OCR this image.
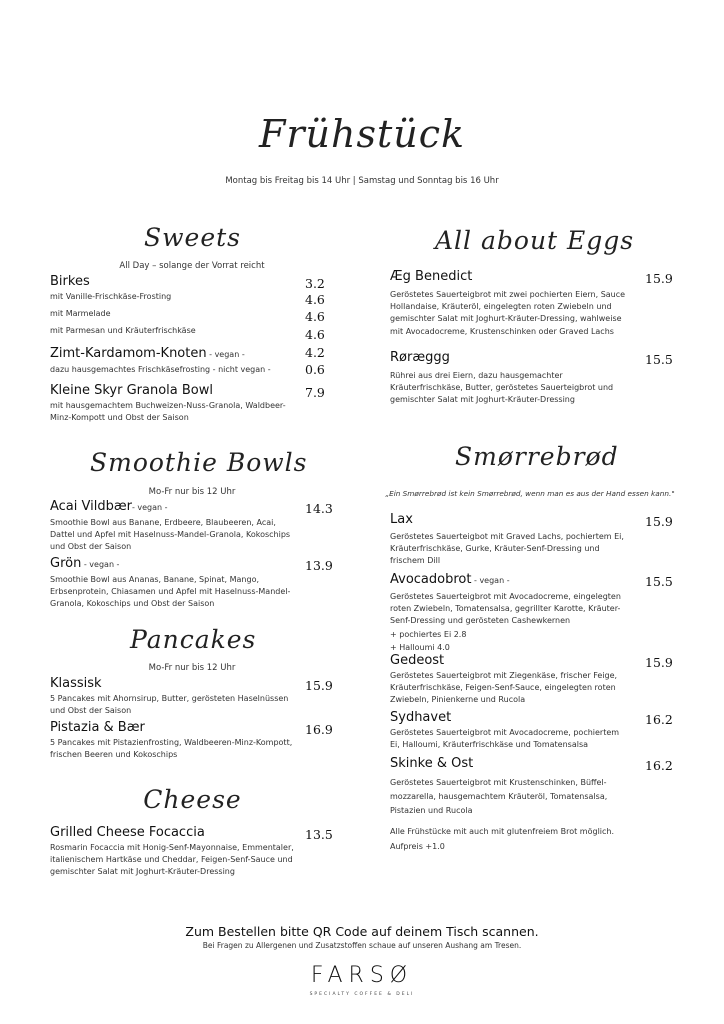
Frühstück
Montag bis Freitag bis 14 Uhr | Samstag und Sonntag bis 16 Uhr
Sweets
All Day – solange der Vorrat reicht
Birkes
mit Vanille-Frischkäse-Frosting
mit Marmelade
mit Parmesan und Kräuterfrischkäse
3.2
4.6
4.6
4.6
Zimt-Kardamom-Knoten - vegan -
dazu hausgemachtes Frischkäsefrosting - nicht vegan -
4.2
0.6
Kleine Skyr Granola Bowl
mit hausgemachtem Buchweizen-Nuss-Granola, Waldbeer-Minz-Kompott und Obst der Saison
7.9
Smoothie Bowls
Mo-Fr nur bis 12 Uhr
Acai Vildbær- vegan -
Smoothie Bowl aus Banane, Erdbeere, Blaubeeren, Acai, Dattel und Apfel mit Haselnuss-Mandel-Granola, Kokoschips und Obst der Saison
14.3
Grön - vegan -
Smoothie Bowl aus Ananas, Banane, Spinat, Mango, Erbsenprotein, Chiasamen und Apfel mit Haselnuss-Mandel-Granola, Kokoschips und Obst der Saison
13.9
Pancakes
Mo-Fr nur bis 12 Uhr
Klassisk
5 Pancakes mit Ahornsirup, Butter, gerösteten Haselnüssen und Obst der Saison
15.9
Pistazia & Bær
5 Pancakes mit Pistazienfrosting, Waldbeeren-Minz-Kompott, frischen Beeren und Kokoschips
16.9
Cheese
Grilled Cheese Focaccia
Rosmarin Focaccia mit Honig-Senf-Mayonnaise, Emmentaler, italienischem Hartkäse und Cheddar, Feigen-Senf-Sauce und gemischter Salat mit Joghurt-Kräuter-Dressing
13.5
All about Eggs
Æg Benedict
Geröstetes Sauerteigbrot mit zwei pochierten Eiern, Sauce Hollandaise, Kräuteröl, eingelegten roten Zwiebeln und gemischter Salat mit Joghurt-Kräuter-Dressing, wahlweise mit Avocadocreme, Krustenschinken oder Graved Lachs
15.9
Røræggg
Rührei aus drei Eiern, dazu hausgemachter Kräuterfrischkäse, Butter, geröstetes Sauerteigbrot und gemischter Salat mit Joghurt-Kräuter-Dressing
15.5
Smørrebrød
„Ein Smørrebrød ist kein Smørrebrød, wenn man es aus der Hand essen kann."
Lax
Geröstetes Sauerteigbot mit Graved Lachs, pochiertem Ei, Kräuterfrischkäse, Gurke, Kräuter-Senf-Dressing und frischem Dill
15.9
Avocadobrot - vegan -
Geröstetes Sauerteigbrot mit Avocadocreme, eingelegten roten Zwiebeln, Tomatensalsa, gegrillter Karotte, Kräuter-Senf-Dressing und gerösteten Cashewkernen
+ pochiertes Ei 2.8
+ Halloumi 4.0
15.5
Gedeost
Geröstetes Sauerteigbrot mit Ziegenkäse, frischer Feige, Kräuterfrischkäse, Feigen-Senf-Sauce, eingelegten roten Zwiebeln, Pinienkerne und Rucola
15.9
Sydhavet
Geröstetes Sauerteigbrot mit Avocadocreme, pochiertem Ei, Halloumi, Kräuterfrischkäse und Tomatensalsa
16.2
Skinke & Ost
Geröstetes Sauerteigbrot mit Krustenschinken, Büffel-mozzarella, hausgemachtem Kräuteröl, Tomatensalsa, Pistazien und Rucola
16.2
Alle Frühstücke mit auch mit glutenfreiem Brot möglich.
Aufpreis +1.0
Zum Bestellen bitte QR Code auf deinem Tisch scannen.
Bei Fragen zu Allergenen und Zusatzstoffen schaue auf unseren Aushang am Tresen.
FARSØ
SPECIALTY COFFEE & DELI
